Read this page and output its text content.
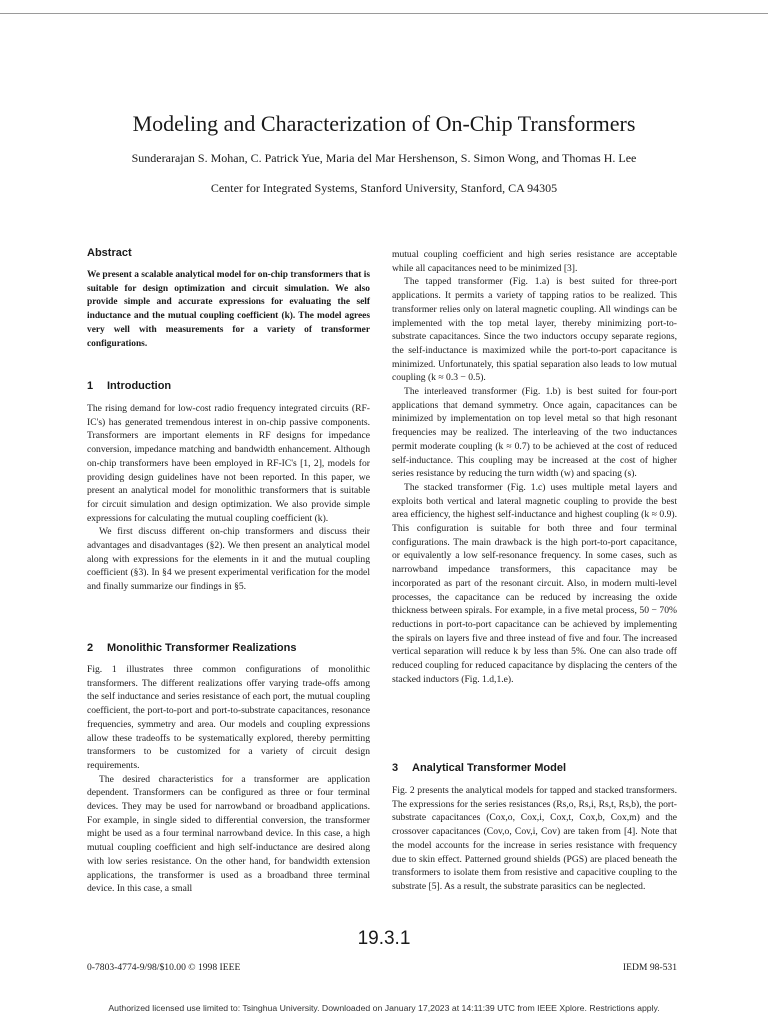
Modeling and Characterization of On-Chip Transformers
Sunderarajan S. Mohan, C. Patrick Yue, Maria del Mar Hershenson, S. Simon Wong, and Thomas H. Lee
Center for Integrated Systems, Stanford University, Stanford, CA 94305
Abstract

We present a scalable analytical model for on-chip transformers that is suitable for design optimization and circuit simulation. We also provide simple and accurate expressions for evaluating the self inductance and the mutual coupling coefficient (k). The model agrees very well with measurements for a variety of transformer configurations.

1 Introduction

The rising demand for low-cost radio frequency integrated circuits (RF-IC's) has generated tremendous interest in on-chip passive components. Transformers are important elements in RF designs for impedance conversion, impedance matching and bandwidth enhancement. Although on-chip transformers have been employed in RF-IC's [1, 2], models for providing design guidelines have not been reported. In this paper, we present an analytical model for monolithic transformers that is suitable for circuit simulation and design optimization. We also provide simple expressions for calculating the mutual coupling coefficient (k).

We first discuss different on-chip transformers and discuss their advantages and disadvantages (§2). We then present an analytical model along with expressions for the elements in it and the mutual coupling coefficient (§3). In §4 we present experimental verification for the model and finally summarize our findings in §5.

2 Monolithic Transformer Realizations

Fig. 1 illustrates three common configurations of monolithic transformers. The different realizations offer varying trade-offs among the self inductance and series resistance of each port, the mutual coupling coefficient, the port-to-port and port-to-substrate capacitances, resonance frequencies, symmetry and area. Our models and coupling expressions allow these tradeoffs to be systematically explored, thereby permitting transformers to be customized for a variety of circuit design requirements.

The desired characteristics for a transformer are application dependent. Transformers can be configured as three or four terminal devices. They may be used for narrowband or broadband applications. For example, in single sided to differential conversion, the transformer might be used as a four terminal narrowband device. In this case, a high mutual coupling coefficient and high self-inductance are desired along with low series resistance. On the other hand, for bandwidth extension applications, the transformer is used as a broadband three terminal device. In this case, a small

mutual coupling coefficient and high series resistance are acceptable while all capacitances need to be minimized [3].

The tapped transformer (Fig. 1.a) is best suited for three-port applications. It permits a variety of tapping ratios to be realized. This transformer relies only on lateral magnetic coupling. All windings can be implemented with the top metal layer, thereby minimizing port-to-substrate capacitances. Since the two inductors occupy separate regions, the self-inductance is maximized while the port-to-port capacitance is minimized. Unfortunately, this spatial separation also leads to low mutual coupling (k ≈ 0.3 − 0.5).

The interleaved transformer (Fig. 1.b) is best suited for four-port applications that demand symmetry. Once again, capacitances can be minimized by implementation on top level metal so that high resonant frequencies may be realized. The interleaving of the two inductances permit moderate coupling (k ≈ 0.7) to be achieved at the cost of reduced self-inductance. This coupling may be increased at the cost of higher series resistance by reducing the turn width (w) and spacing (s).

The stacked transformer (Fig. 1.c) uses multiple metal layers and exploits both vertical and lateral magnetic coupling to provide the best area efficiency, the highest self-inductance and highest coupling (k ≈ 0.9). This configuration is suitable for both three and four terminal configurations. The main drawback is the high port-to-port capacitance, or equivalently a low self-resonance frequency. In some cases, such as narrowband impedance transformers, this capacitance may be incorporated as part of the resonant circuit. Also, in modern multi-level processes, the capacitance can be reduced by increasing the oxide thickness between spirals. For example, in a five metal process, 50 − 70% reductions in port-to-port capacitance can be achieved by implementing the spirals on layers five and three instead of five and four. The increased vertical separation will reduce k by less than 5%. One can also trade off reduced coupling for reduced capacitance by displacing the centers of the stacked inductors (Fig. 1.d,1.e).

3 Analytical Transformer Model

Fig. 2 presents the analytical models for tapped and stacked transformers. The expressions for the series resistances (Rs,o, Rs,i, Rs,t, Rs,b), the port-substrate capacitances (Cox,o, Cox,i, Cox,t, Cox,b, Cox,m) and the crossover capacitances (Cov,o, Cov,i, Cov) are taken from [4]. Note that the model accounts for the increase in series resistance with frequency due to skin effect. Patterned ground shields (PGS) are placed beneath the transformers to isolate them from resistive and capacitive coupling to the substrate [5]. As a result, the substrate parasitics can be neglected.

19.3.1
0-7803-4774-9/98/$10.00 © 1998 IEEE	IEDM 98-531
Authorized licensed use limited to: Tsinghua University. Downloaded on January 17,2023 at 14:11:39 UTC from IEEE Xplore. Restrictions apply.
